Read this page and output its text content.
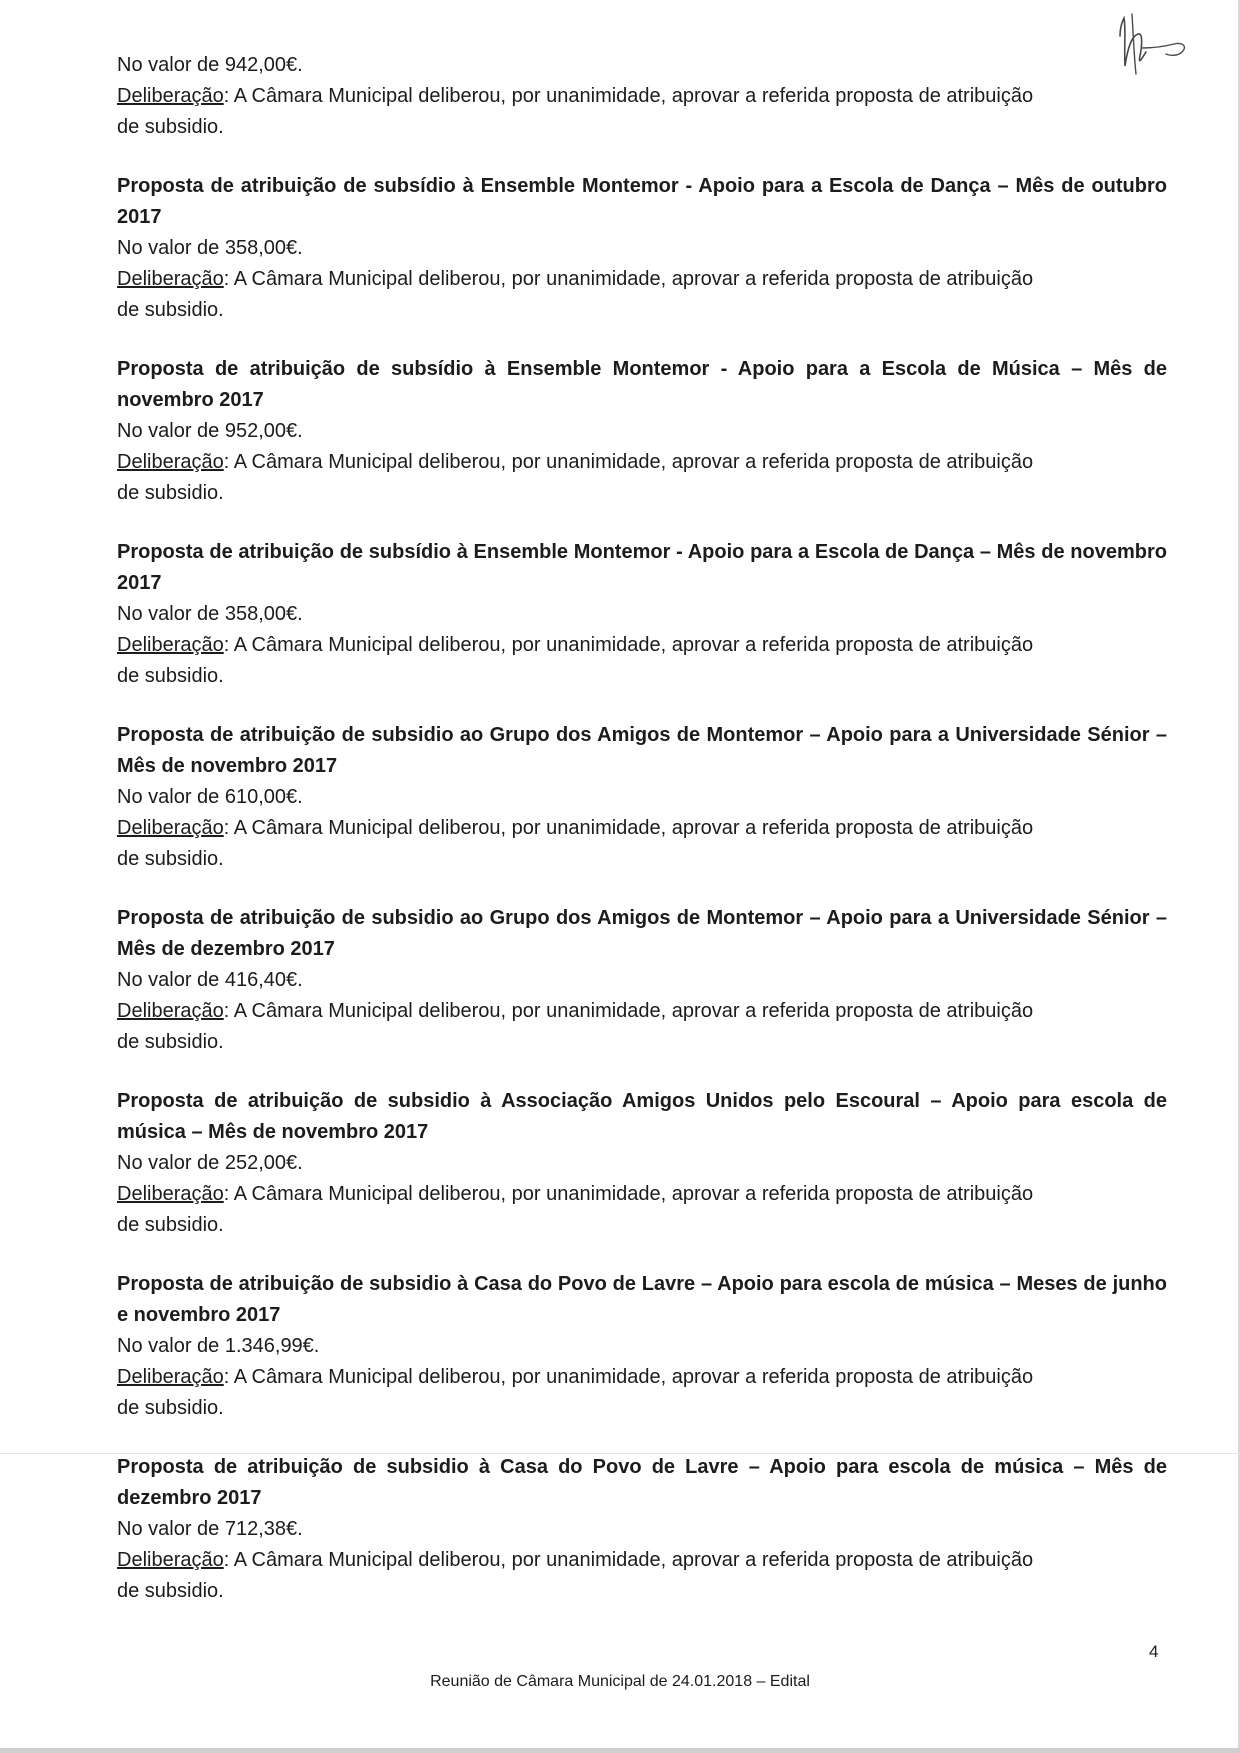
No valor de 942,00€.

Deliberação: A Câmara Municipal deliberou, por unanimidade, aprovar a referida proposta de atribuição

de subsidio.

Proposta de atribuição de subsídio à Ensemble Montemor - Apoio para a Escola de Dança – Mês de outubro 2017

No valor de 358,00€.

Deliberação: A Câmara Municipal deliberou, por unanimidade, aprovar a referida proposta de atribuição

de subsidio.

Proposta de atribuição de subsídio à Ensemble Montemor - Apoio para a Escola de Música – Mês de novembro 2017

No valor de 952,00€.

Deliberação: A Câmara Municipal deliberou, por unanimidade, aprovar a referida proposta de atribuição

de subsidio.

Proposta de atribuição de subsídio à Ensemble Montemor - Apoio para a Escola de Dança – Mês de novembro 2017

No valor de 358,00€.

Deliberação: A Câmara Municipal deliberou, por unanimidade, aprovar a referida proposta de atribuição

de subsidio.

Proposta de atribuição de subsidio ao Grupo dos Amigos de Montemor – Apoio para a Universidade Sénior – Mês de novembro 2017

No valor de 610,00€.

Deliberação: A Câmara Municipal deliberou, por unanimidade, aprovar a referida proposta de atribuição

de subsidio.

Proposta de atribuição de subsidio ao Grupo dos Amigos de Montemor – Apoio para a Universidade Sénior – Mês de dezembro 2017

No valor de 416,40€.

Deliberação: A Câmara Municipal deliberou, por unanimidade, aprovar a referida proposta de atribuição

de subsidio.

Proposta de atribuição de subsidio à Associação Amigos Unidos pelo Escoural – Apoio para escola de música – Mês de novembro 2017

No valor de 252,00€.

Deliberação: A Câmara Municipal deliberou, por unanimidade, aprovar a referida proposta de atribuição

de subsidio.

Proposta de atribuição de subsidio à Casa do Povo de Lavre – Apoio para escola de música – Meses de junho e novembro 2017

No valor de 1.346,99€.

Deliberação: A Câmara Municipal deliberou, por unanimidade, aprovar a referida proposta de atribuição

de subsidio.

Proposta de atribuição de subsidio à Casa do Povo de Lavre – Apoio para escola de música – Mês de dezembro 2017

No valor de 712,38€.

Deliberação: A Câmara Municipal deliberou, por unanimidade, aprovar a referida proposta de atribuição

de subsidio.

4
Reunião de Câmara Municipal de 24.01.2018 – Edital
